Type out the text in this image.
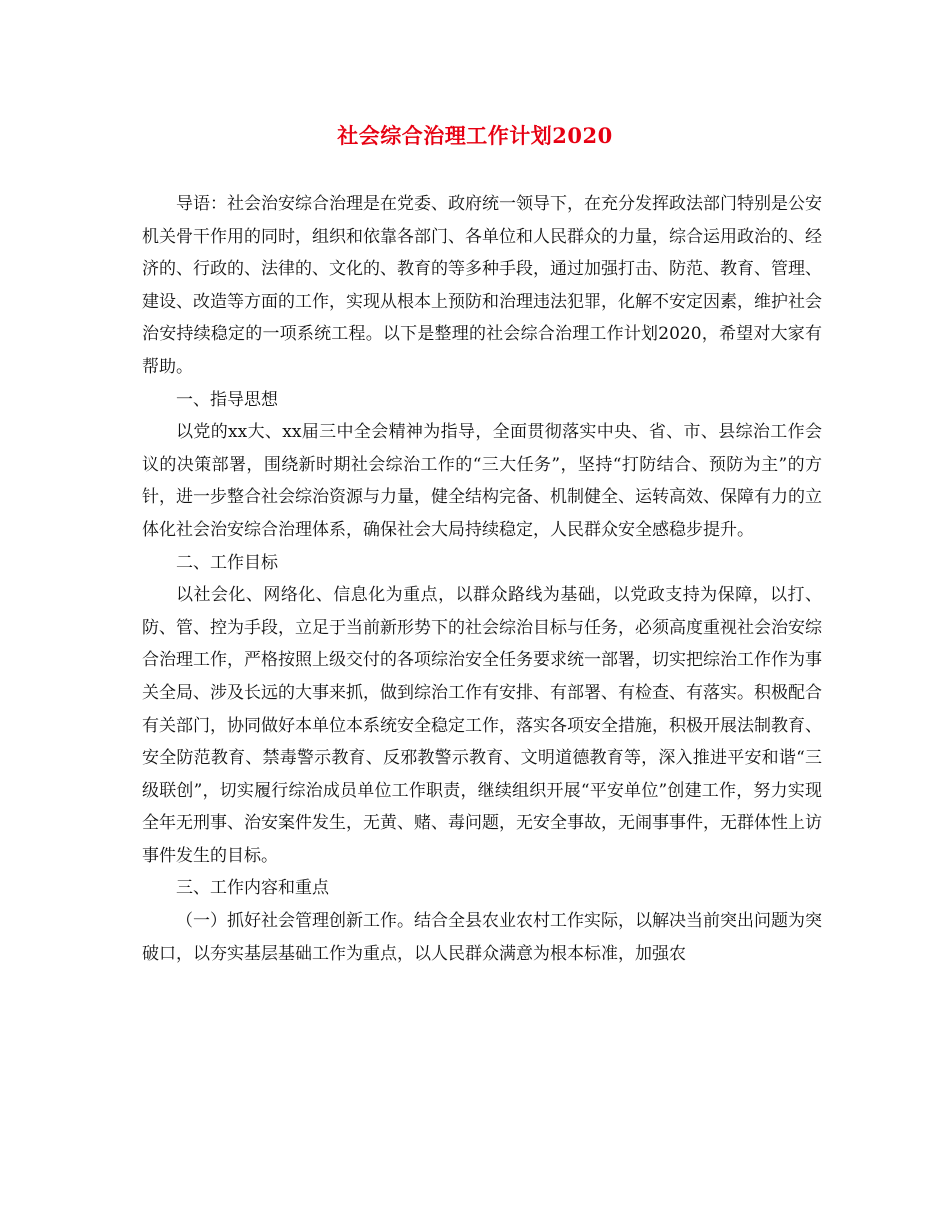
社会综合治理工作计划2020

导语：社会治安综合治理是在党委、政府统一领导下，在充分发挥政法部门特别是公安机关骨干作用的同时，组织和依靠各部门、各单位和人民群众的力量，综合运用政治的、经济的、行政的、法律的、文化的、教育的等多种手段，通过加强打击、防范、教育、管理、建设、改造等方面的工作，实现从根本上预防和治理违法犯罪，化解不安定因素，维护社会治安持续稳定的一项系统工程。以下是整理的社会综合治理工作计划2020，希望对大家有帮助。

一、指导思想

以党的xx大、xx届三中全会精神为指导，全面贯彻落实中央、省、市、县综治工作会议的决策部署，围绕新时期社会综治工作的“三大任务”，坚持“打防结合、预防为主”的方针，进一步整合社会综治资源与力量，健全结构完备、机制健全、运转高效、保障有力的立体化社会治安综合治理体系，确保社会大局持续稳定，人民群众安全感稳步提升。

二、工作目标

以社会化、网络化、信息化为重点，以群众路线为基础，以党政支持为保障，以打、防、管、控为手段，立足于当前新形势下的社会综治目标与任务，必须高度重视社会治安综合治理工作，严格按照上级交付的各项综治安全任务要求统一部署，切实把综治工作作为事关全局、涉及长远的大事来抓，做到综治工作有安排、有部署、有检查、有落实。积极配合有关部门，协同做好本单位本系统安全稳定工作，落实各项安全措施，积极开展法制教育、安全防范教育、禁毒警示教育、反邪教警示教育、文明道德教育等，深入推进平安和谐“三级联创”，切实履行综治成员单位工作职责，继续组织开展“平安单位”创建工作，努力实现全年无刑事、治安案件发生，无黄、赌、毒问题，无安全事故，无闹事事件，无群体性上访事件发生的目标。

三、工作内容和重点

（一）抓好社会管理创新工作。结合全县农业农村工作实际，以解决当前突出问题为突破口，以夯实基层基础工作为重点，以人民群众满意为根本标准，加强农
